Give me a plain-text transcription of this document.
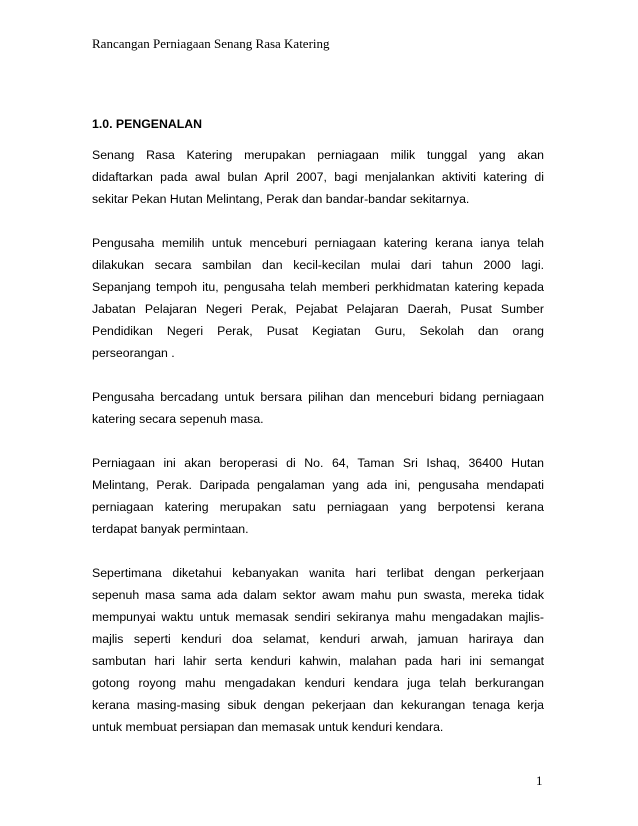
Rancangan Perniagaan Senang Rasa Katering
1.0. PENGENALAN

Senang Rasa Katering merupakan perniagaan milik tunggal yang akan
didaftarkan pada awal bulan April 2007, bagi menjalankan aktiviti katering di
sekitar Pekan Hutan Melintang, Perak dan bandar-bandar sekitarnya.

Pengusaha memilih untuk menceburi perniagaan katering kerana ianya telah
dilakukan secara sambilan dan kecil-kecilan mulai dari tahun 2000 lagi.
Sepanjang tempoh itu, pengusaha telah memberi perkhidmatan katering kepada
Jabatan Pelajaran Negeri Perak, Pejabat Pelajaran Daerah, Pusat Sumber
Pendidikan Negeri Perak, Pusat Kegiatan Guru, Sekolah dan orang
perseorangan .

Pengusaha bercadang untuk bersara pilihan dan menceburi bidang perniagaan
katering secara sepenuh masa.

Perniagaan ini akan beroperasi di No. 64, Taman Sri Ishaq, 36400 Hutan
Melintang, Perak. Daripada pengalaman yang ada ini, pengusaha mendapati
perniagaan katering merupakan satu perniagaan yang berpotensi kerana
terdapat banyak permintaan.

Sepertimana diketahui kebanyakan wanita hari terlibat dengan perkerjaan
sepenuh masa sama ada dalam sektor awam mahu pun swasta, mereka tidak
mempunyai waktu untuk memasak sendiri sekiranya mahu mengadakan majlis-
majlis seperti kenduri doa selamat, kenduri arwah, jamuan hariraya dan
sambutan hari lahir serta kenduri kahwin, malahan pada hari ini semangat
gotong royong mahu mengadakan kenduri kendara juga telah berkurangan
kerana masing-masing sibuk dengan pekerjaan dan kekurangan tenaga kerja
untuk membuat persiapan dan memasak untuk kenduri kendara.

1
